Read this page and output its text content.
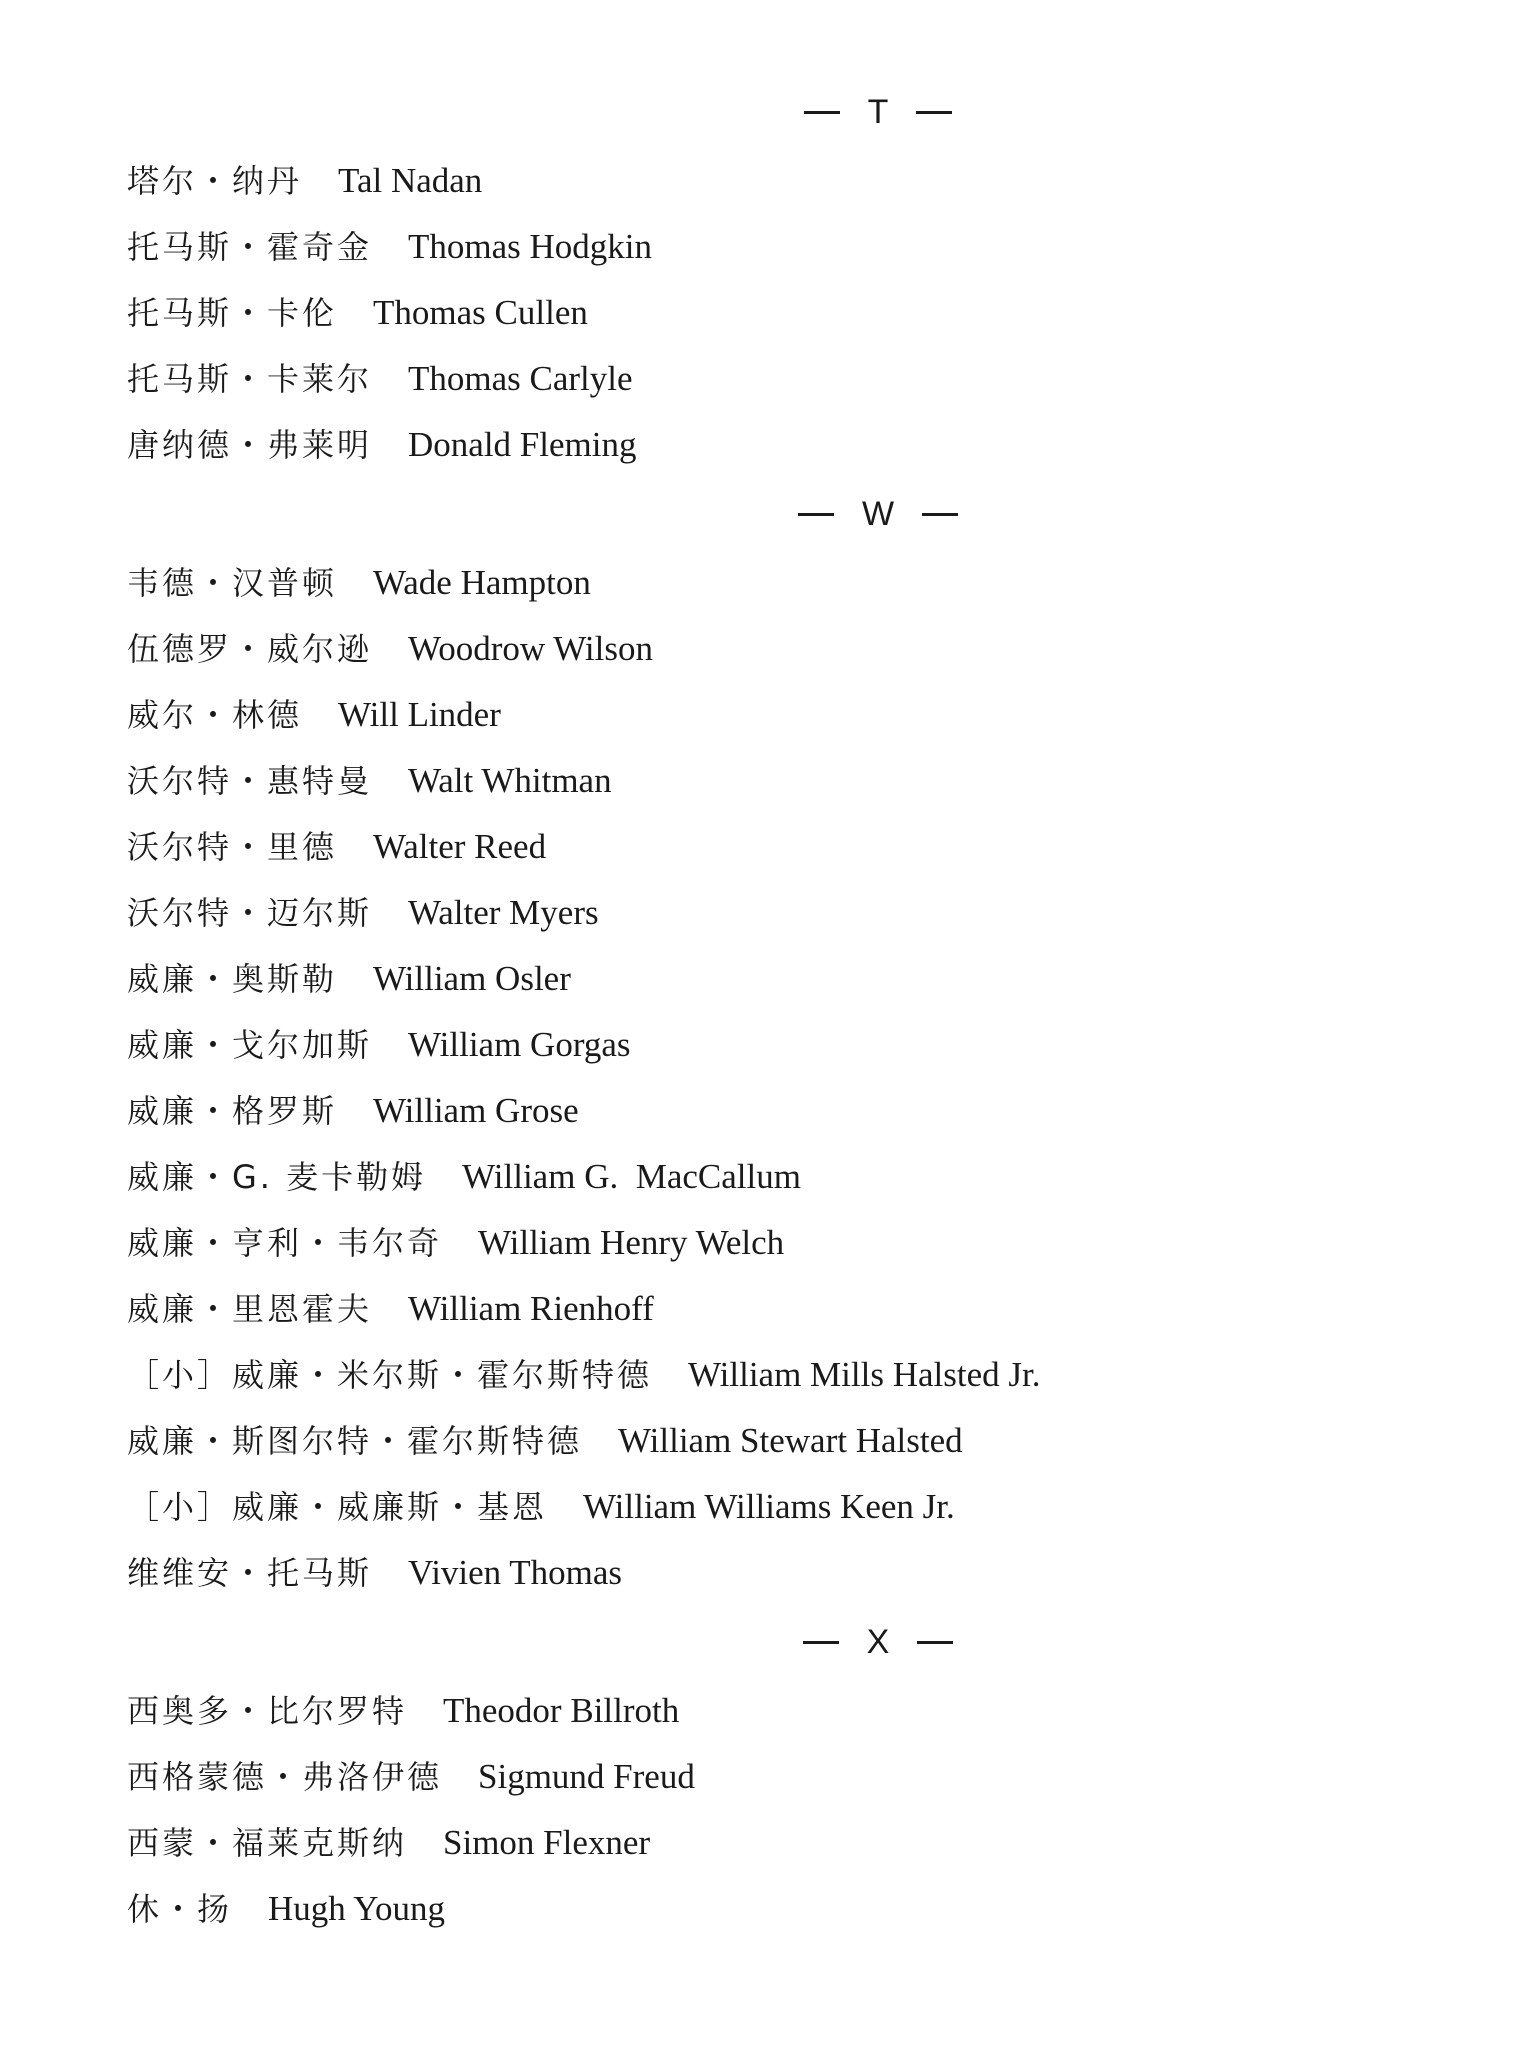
T
塔尔・纳丹 Tal Nadan
托马斯・霍奇金 Thomas Hodgkin
托马斯・卡伦 Thomas Cullen
托马斯・卡莱尔 Thomas Carlyle
唐纳德・弗莱明 Donald Fleming
W
韦德・汉普顿 Wade Hampton
伍德罗・威尔逊 Woodrow Wilson
威尔・林德 Will Linder
沃尔特・惠特曼 Walt Whitman
沃尔特・里德 Walter Reed
沃尔特・迈尔斯 Walter Myers
威廉・奥斯勒 William Osler
威廉・戈尔加斯 William Gorgas
威廉・格罗斯 William Grose
威廉・G. 麦卡勒姆 William G.  MacCallum
威廉・亨利・韦尔奇 William Henry Welch
威廉・里恩霍夫 William Rienhoff
［小］威廉・米尔斯・霍尔斯特德 William Mills Halsted Jr.
威廉・斯图尔特・霍尔斯特德 William Stewart Halsted
［小］威廉・威廉斯・基恩 William Williams Keen Jr.
维维安・托马斯 Vivien Thomas
X
西奥多・比尔罗特 Theodor Billroth
西格蒙德・弗洛伊德 Sigmund Freud
西蒙・福莱克斯纳 Simon Flexner
休・扬 Hugh Young
